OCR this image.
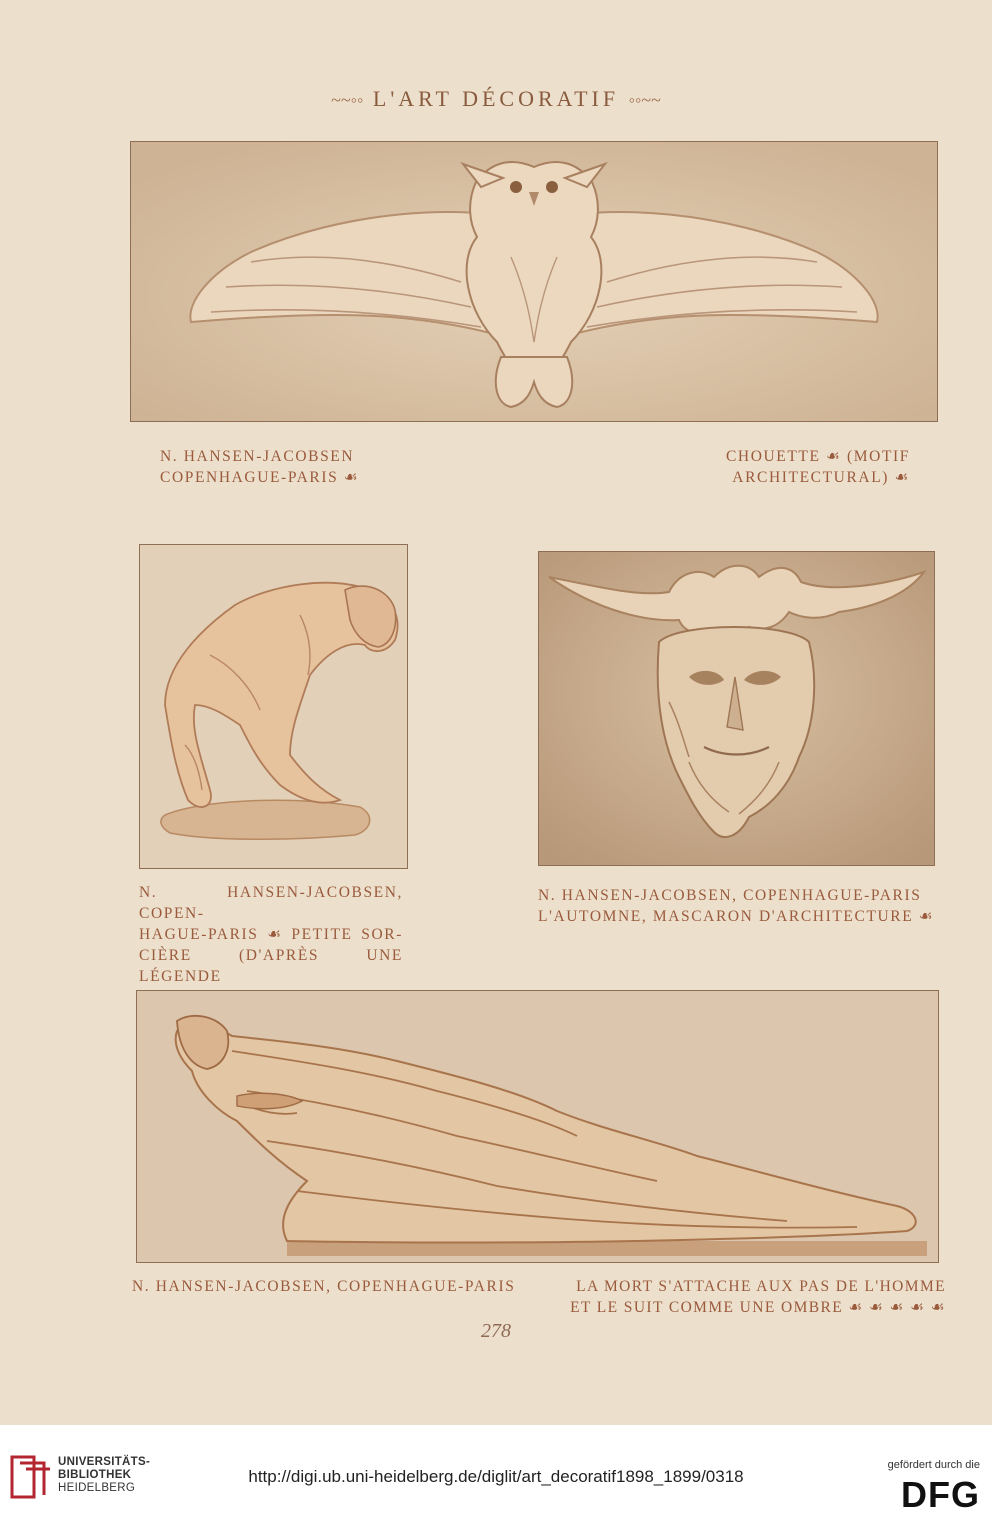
~~◦◦ L'ART DÉCORATIF ◦◦~~
N. HANSEN-JACOBSEN
COPENHAGUE-PARIS ☙
CHOUETTE ☙ (MOTIF
ARCHITECTURAL) ☙
N. HANSEN-JACOBSEN, COPEN-
HAGUE-PARIS ☙ PETITE SOR-
CIÈRE (D'APRÈS UNE LÉGENDE
N. HANSEN-JACOBSEN, COPENHAGUE-PARIS
L'AUTOMNE, MASCARON D'ARCHITECTURE ☙
N. HANSEN-JACOBSEN, COPENHAGUE-PARIS	LA MORT S'ATTACHE AUX PAS DE L'HOMME
ET LE SUIT COMME UNE OMBRE ☙ ☙ ☙ ☙ ☙
278
UNIVERSITÄTS-
BIBLIOTHEK
HEIDELBERG
http://digi.ub.uni-heidelberg.de/diglit/art_decoratif1898_1899/0318
gefördert durch die
DFG
